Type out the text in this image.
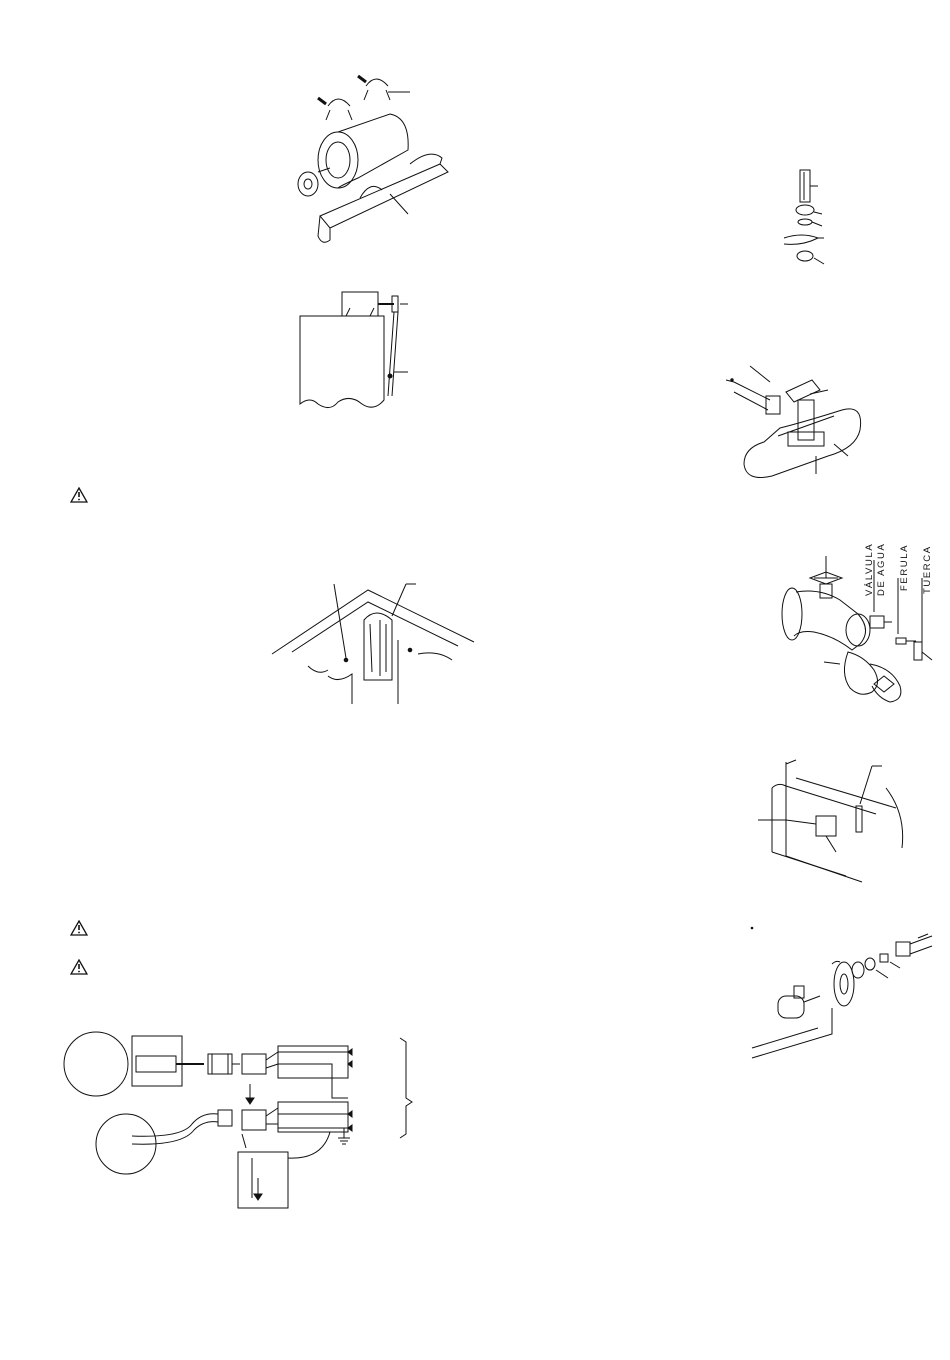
VÁLVULA DE AGUA FERULA TUERCA
